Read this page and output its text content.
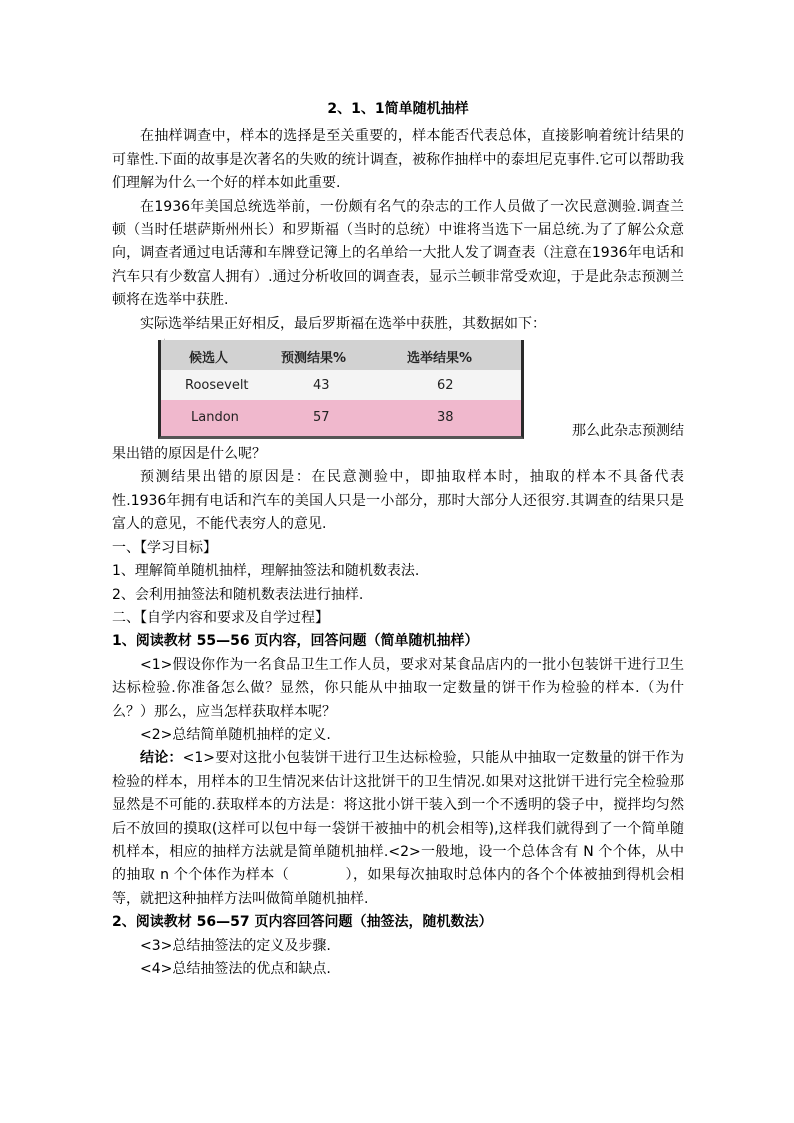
2、1、1简单随机抽样

在抽样调查中，样本的选择是至关重要的，样本能否代表总体，直接影响着统计结果的可靠性.下面的故事是次著名的失败的统计调查，被称作抽样中的泰坦尼克事件.它可以帮助我们理解为什么一个好的样本如此重要.

在1936年美国总统选举前，一份颇有名气的杂志的工作人员做了一次民意测验.调查兰顿（当时任堪萨斯州州长）和罗斯福（当时的总统）中谁将当选下一届总统.为了了解公众意向，调查者通过电话薄和车牌登记簿上的名单给一大批人发了调查表（注意在1936年电话和汽车只有少数富人拥有）.通过分析收回的调查表，显示兰顿非常受欢迎，于是此杂志预测兰顿将在选举中获胜.

实际选举结果正好相反，最后罗斯福在选举中获胜，其数据如下：

候选人	预测结果%	选举结果%
Roosevelt	43	62
Landon	57	38
那么此杂志预测结

果出错的原因是什么呢？

预测结果出错的原因是：在民意测验中，即抽取样本时，抽取的样本不具备代表性.1936年拥有电话和汽车的美国人只是一小部分，那时大部分人还很穷.其调查的结果只是富人的意见，不能代表穷人的意见.

一、【学习目标】

1、理解简单随机抽样，理解抽签法和随机数表法.

2、会利用抽签法和随机数表法进行抽样.

二、【自学内容和要求及自学过程】

1、阅读教材 55—56 页内容，回答问题（简单随机抽样）

<1>假设你作为一名食品卫生工作人员，要求对某食品店内的一批小包装饼干进行卫生达标检验.你准备怎么做？显然，你只能从中抽取一定数量的饼干作为检验的样本.（为什么？）那么，应当怎样获取样本呢？

<2>总结简单随机抽样的定义.

结论：<1>要对这批小包装饼干进行卫生达标检验，只能从中抽取一定数量的饼干作为检验的样本，用样本的卫生情况来估计这批饼干的卫生情况.如果对这批饼干进行完全检验那显然是不可能的.获取样本的方法是：将这批小饼干装入到一个不透明的袋子中，搅拌均匀然后不放回的摸取(这样可以包中每一袋饼干被抽中的机会相等),这样我们就得到了一个简单随机样本，相应的抽样方法就是简单随机抽样.<2>一般地，设一个总体含有 N 个个体，从中的抽取 n 个个体作为样本（	），如果每次抽取时总体内的各个个体被抽到得机会相等，就把这种抽样方法叫做简单随机抽样.

2、阅读教材 56—57 页内容回答问题（抽签法，随机数法）

<3>总结抽签法的定义及步骤.

<4>总结抽签法的优点和缺点.
